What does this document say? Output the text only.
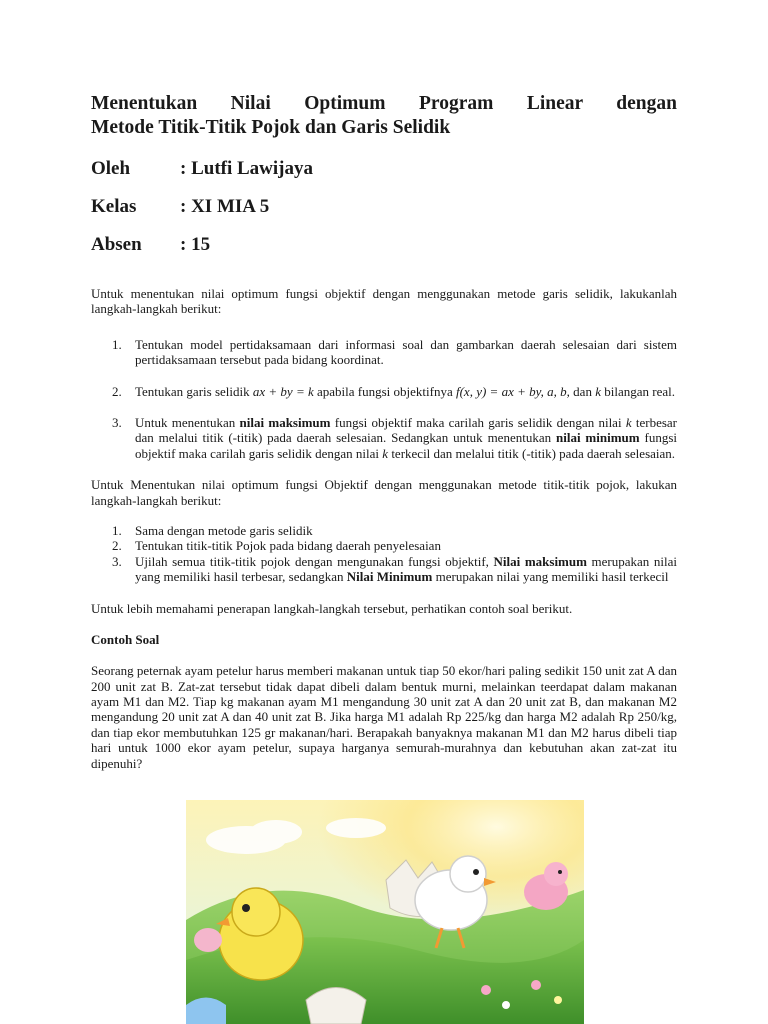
Menentukan Nilai Optimum Program Linear dengan
Metode Titik-Titik Pojok dan Garis Selidik
Oleh	: Lutfi Lawijaya
Kelas	: XI MIA 5
Absen	: 15

Untuk menentukan nilai optimum fungsi objektif dengan menggunakan metode garis selidik, lakukanlah langkah-langkah berikut:

1.	Tentukan model pertidaksamaan dari informasi soal dan gambarkan daerah selesaian dari sistem pertidaksamaan tersebut pada bidang koordinat.
2.	Tentukan garis selidik ax + by = k apabila fungsi objektifnya f(x, y) = ax + by, a, b, dan k bilangan real.
3.	Untuk menentukan nilai maksimum fungsi objektif maka carilah garis selidik dengan nilai k terbesar dan melalui titik (-titik) pada daerah selesaian. Sedangkan untuk menentukan nilai minimum fungsi objektif maka carilah garis selidik dengan nilai k terkecil dan melalui titik (-titik) pada daerah selesaian.

Untuk Menentukan nilai optimum fungsi Objektif dengan menggunakan metode titik-titik pojok, lakukan langkah-langkah berikut:

1.	Sama dengan metode garis selidik
2.	Tentukan titik-titik Pojok pada bidang daerah penyelesaian
3.	Ujilah semua titik-titik pojok dengan mengunakan fungsi objektif, Nilai maksimum merupakan nilai yang memiliki hasil terbesar, sedangkan Nilai Minimum merupakan nilai yang memiliki hasil terkecil

Untuk lebih memahami penerapan langkah-langkah tersebut, perhatikan contoh soal berikut.

Contoh Soal

Seorang peternak ayam petelur harus memberi makanan untuk tiap 50 ekor/hari paling sedikit 150 unit zat A dan 200 unit zat B. Zat-zat tersebut tidak dapat dibeli dalam bentuk murni, melainkan teerdapat dalam makanan ayam M1 dan M2. Tiap kg makanan ayam M1 mengandung 30 unit zat A dan 20 unit zat B, dan makanan M2 mengandung 20 unit zat A dan 40 unit zat B. Jika harga M1 adalah Rp 225/kg dan harga M2 adalah Rp 250/kg, dan tiap ekor membutuhkan 125 gr makanan/hari. Berapakah banyaknya makanan M1 dan M2 harus dibeli tiap hari untuk 1000 ekor ayam petelur, supaya harganya semurah-murahnya dan kebutuhan akan zat-zat itu dipenuhi?
